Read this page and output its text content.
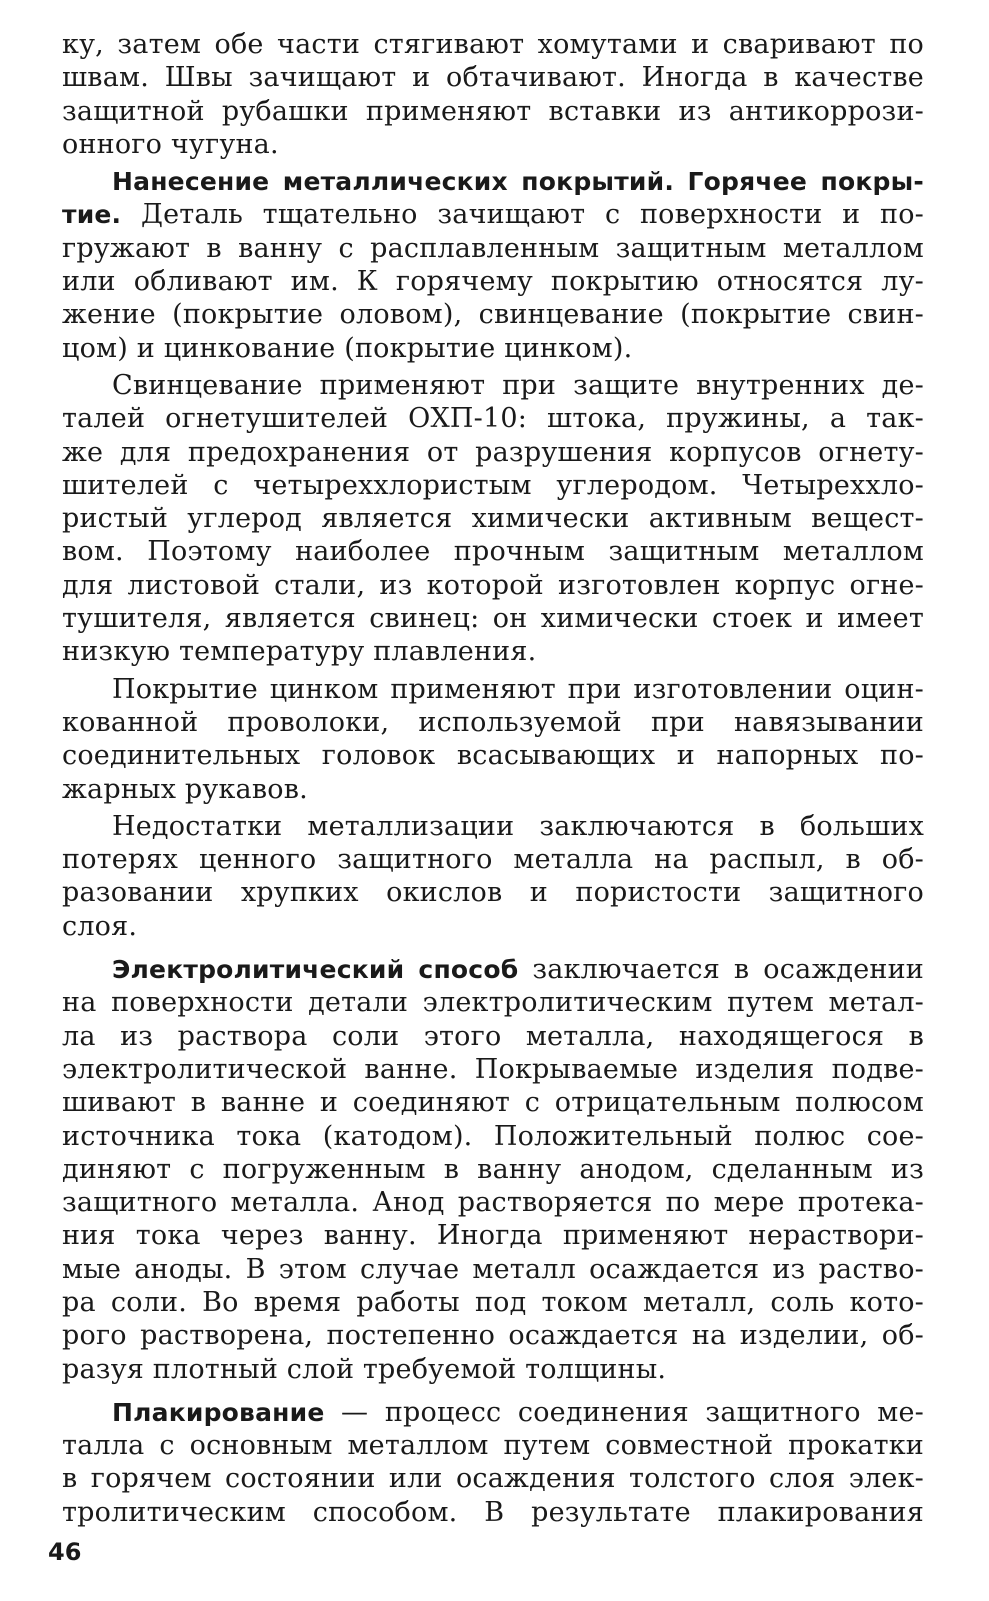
ку, затем обе части стягивают хомутами и сваривают по
швам. Швы зачищают и обтачивают. Иногда в качестве
защитной рубашки применяют вставки из антикоррози-
онного чугуна.
Нанесение металлических покрытий. Горячее покры-
тие. Деталь тщательно зачищают с поверхности и по-
гружают в ванну с расплавленным защитным металлом
или обливают им. К горячему покрытию относятся лу-
жение (покрытие оловом), свинцевание (покрытие свин-
цом) и цинкование (покрытие цинком).
Свинцевание применяют при защите внутренних де-
талей огнетушителей ОХП-10: штока, пружины, а так-
же для предохранения от разрушения корпусов огнету-
шителей с четыреххлористым углеродом. Четыреххло-
ристый углерод является химически активным вещест-
вом. Поэтому наиболее прочным защитным металлом
для листовой стали, из которой изготовлен корпус огне-
тушителя, является свинец: он химически стоек и имеет
низкую температуру плавления.
Покрытие цинком применяют при изготовлении оцин-
кованной проволоки, используемой при навязывании
соединительных головок всасывающих и напорных по-
жарных рукавов.
Недостатки металлизации заключаются в больших
потерях ценного защитного металла на распыл, в об-
разовании хрупких окислов и пористости защитного
слоя.
Электролитический способ заключается в осаждении
на поверхности детали электролитическим путем метал-
ла из раствора соли этого металла, находящегося в
электролитической ванне. Покрываемые изделия подве-
шивают в ванне и соединяют с отрицательным полюсом
источника тока (катодом). Положительный полюс сое-
диняют с погруженным в ванну анодом, сделанным из
защитного металла. Анод растворяется по мере протека-
ния тока через ванну. Иногда применяют нераствори-
мые аноды. В этом случае металл осаждается из раство-
ра соли. Во время работы под током металл, соль кото-
рого растворена, постепенно осаждается на изделии, об-
разуя плотный слой требуемой толщины.
Плакирование — процесс соединения защитного ме-
талла с основным металлом путем совместной прокатки
в горячем состоянии или осаждения толстого слоя элек-
тролитическим способом. В результате плакирования
46
